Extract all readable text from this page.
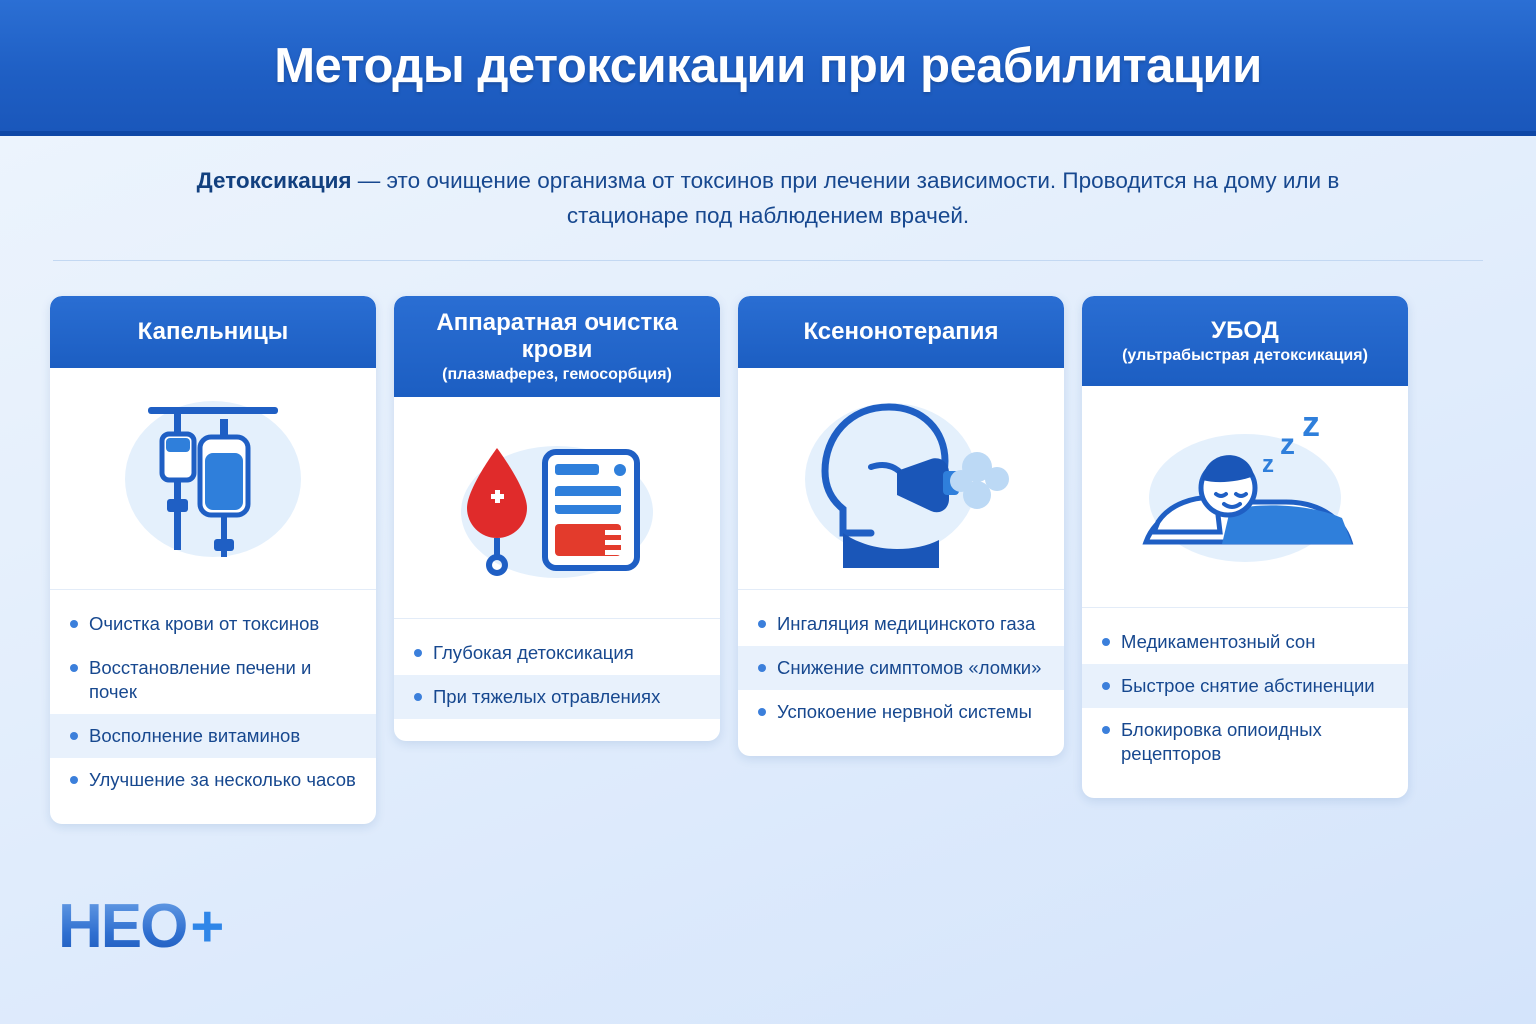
Методы детоксикации при реабилитации
Детоксикация — это очищение организма от токсинов при лечении зависимости. Проводится на дому или в стационаре под наблюдением врачей.
Капельницы
Очистка крови от токсинов
Восстановление печени и почек
Восполнение витаминов
Улучшение за несколько часов
Аппаратная очистка крови
(плазмаферез, гемосорбция)
Глубокая детоксикация
При тяжелых отравлениях
Ксенонотерапия
Ингаляция медицинското газа
Снижение симптомов «ломки»
Успокоение нервной системы
УБОД
(ультрабыстрая детоксикация)
z
z
z
Медикаментозный сон
Быстрое снятие абстиненции
Блокировка опиоидных рецепторов
HEO +
